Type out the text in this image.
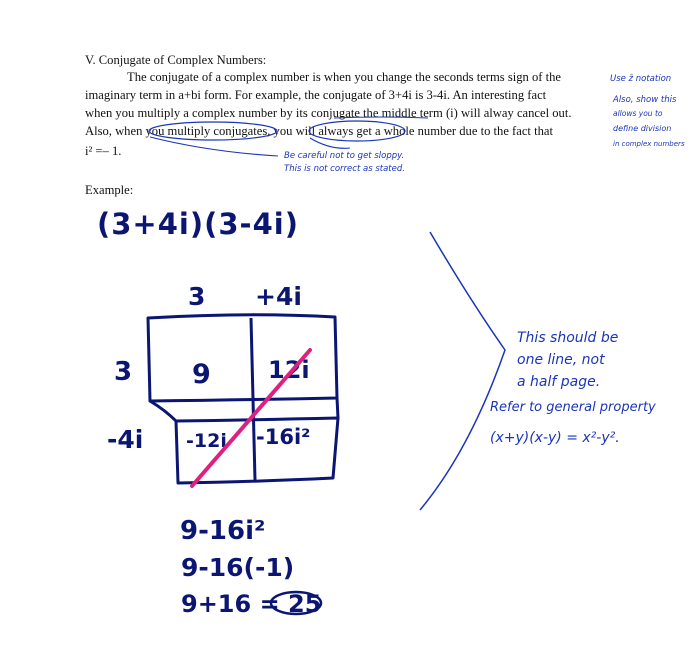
V. Conjugate of Complex Numbers:
The conjugate of a complex number is when you change the seconds terms sign of the
imaginary term in a+bi form. For example, the conjugate of 3+4i is 3-4i. An interesting fact
when you multiply a complex number by its conjugate the middle term (i) will alway cancel out.
Also, when you multiply conjugates, you will always get a whole number due to the fact that
i² =– 1.
Example:
Use z̄ notation
Also, show this
allows you to
define division
in complex numbers
Be careful not to get sloppy.
This is not correct as stated.
(3+4i)(3-4i)
3 +4i
3
-4i
9 12i
-12i -16i²
9-16i²
9-16(-1)
9+16 = 25
This should be
one line, not
a half page.
Refer to general property
(x+y)(x-y) = x²-y².
